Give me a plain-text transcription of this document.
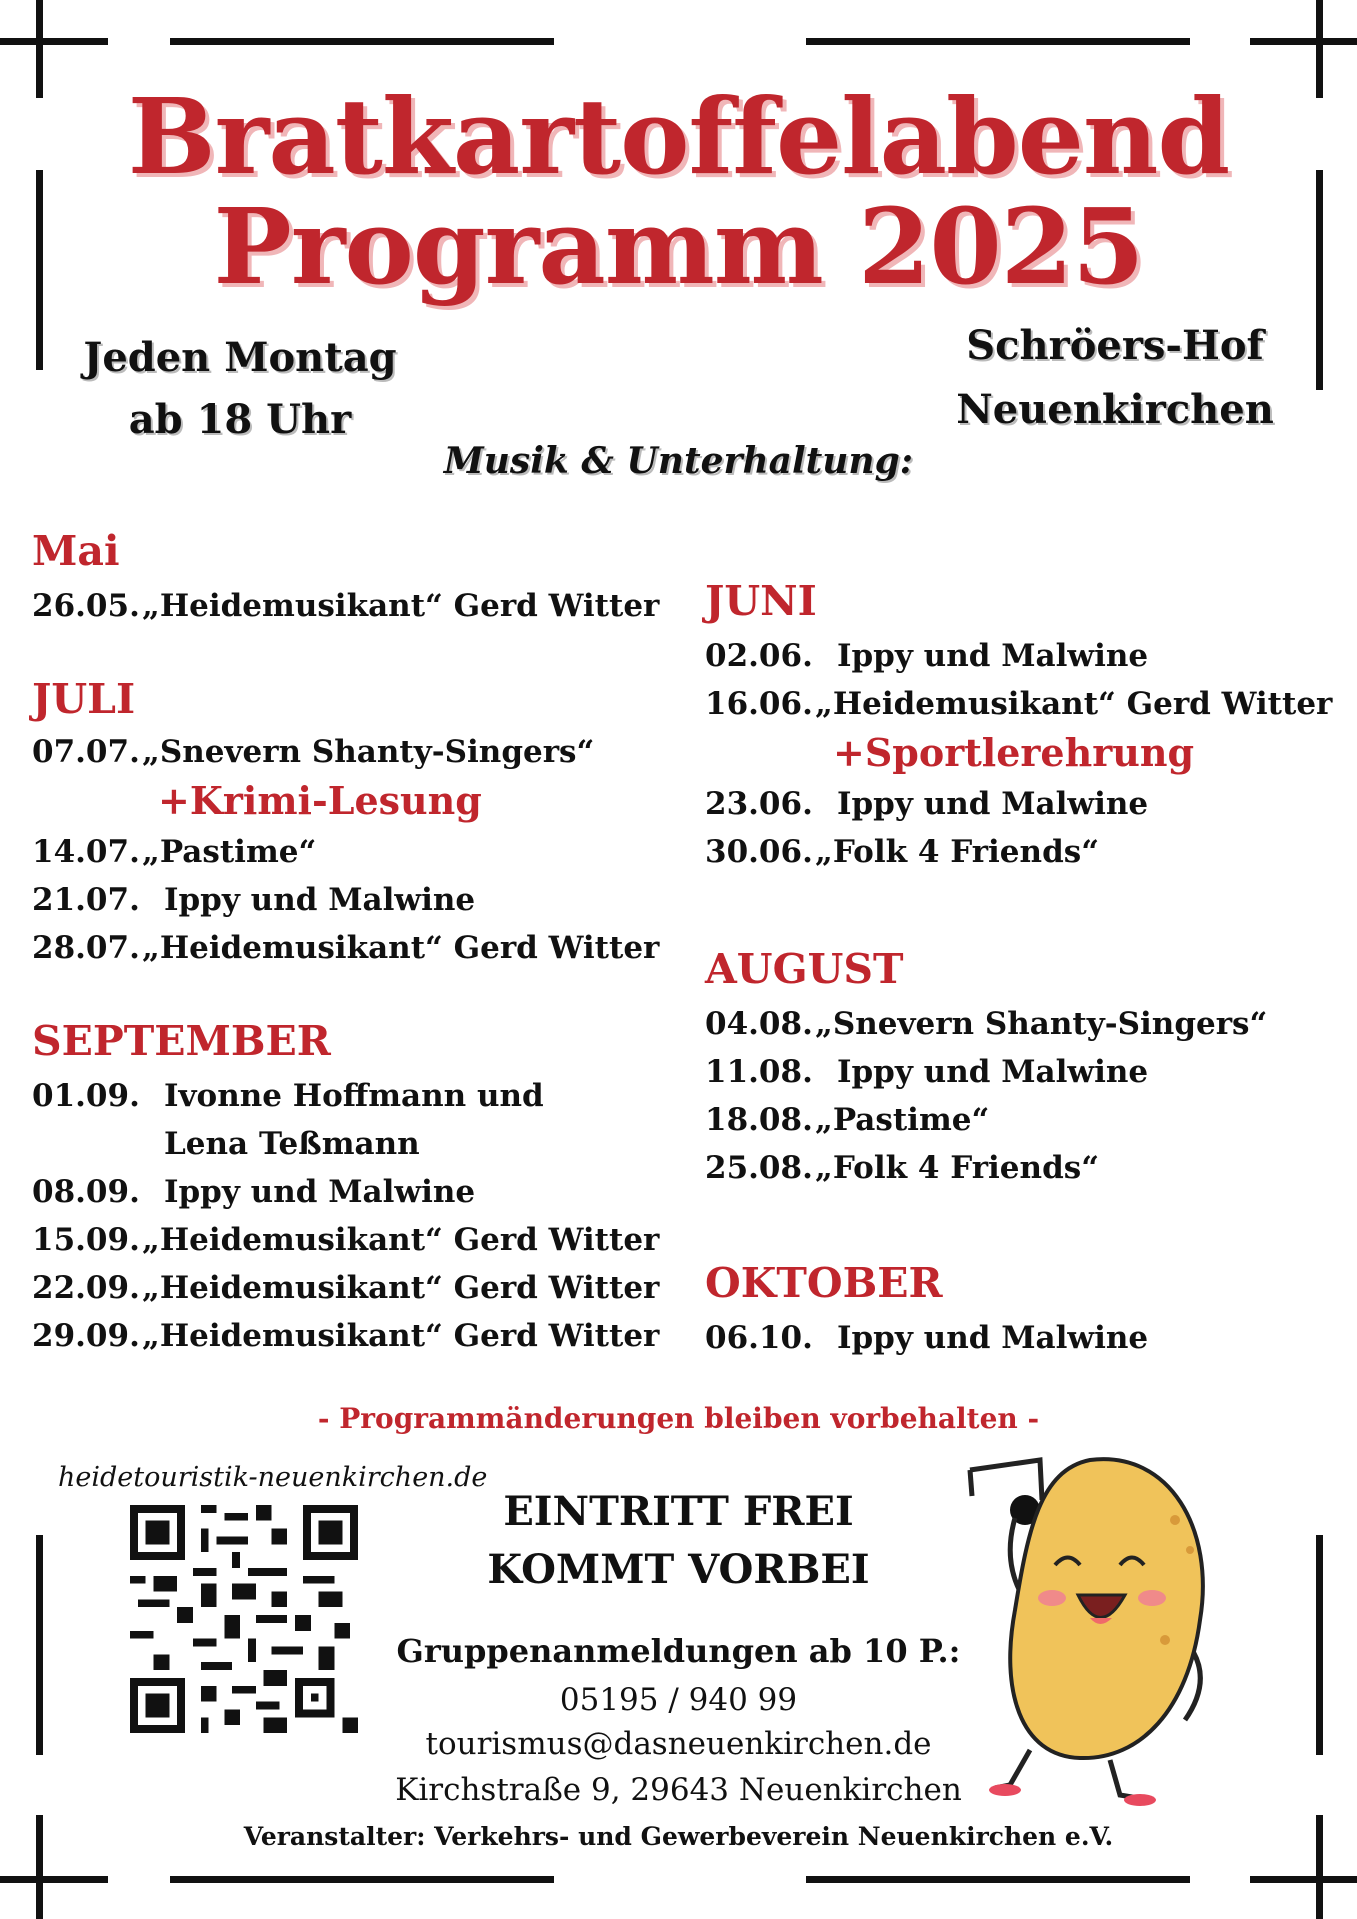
Bratkartoffelabend
Programm 2025
Jeden Montag
ab 18 Uhr
Schröers-Hof
Neuenkirchen
Musik & Unterhaltung:
Mai
26.05. „Heidemusikant“ Gerd Witter
JULI
07.07. „Snevern Shanty-Singers“
+Krimi-Lesung
14.07. „Pastime“
21.07. Ippy und Malwine
28.07. „Heidemusikant“ Gerd Witter
SEPTEMBER
01.09. Ivonne Hoffmann und
Lena Teßmann
08.09. Ippy und Malwine
15.09. „Heidemusikant“ Gerd Witter
22.09. „Heidemusikant“ Gerd Witter
29.09. „Heidemusikant“ Gerd Witter
JUNI
02.06. Ippy und Malwine
16.06. „Heidemusikant“ Gerd Witter
+Sportlerehrung
23.06. Ippy und Malwine
30.06. „Folk 4 Friends“
AUGUST
04.08. „Snevern Shanty-Singers“
11.08. Ippy und Malwine
18.08. „Pastime“
25.08. „Folk 4 Friends“
OKTOBER
06.10. Ippy und Malwine
- Programmänderungen bleiben vorbehalten -
heidetouristik-neuenkirchen.de
EINTRITT FREI
KOMMT VORBEI
Gruppenanmeldungen ab 10 P.:
05195 / 940 99
tourismus@dasneuenkirchen.de
Kirchstraße 9, 29643 Neuenkirchen
Veranstalter: Verkehrs- und Gewerbeverein Neuenkirchen e.V.
